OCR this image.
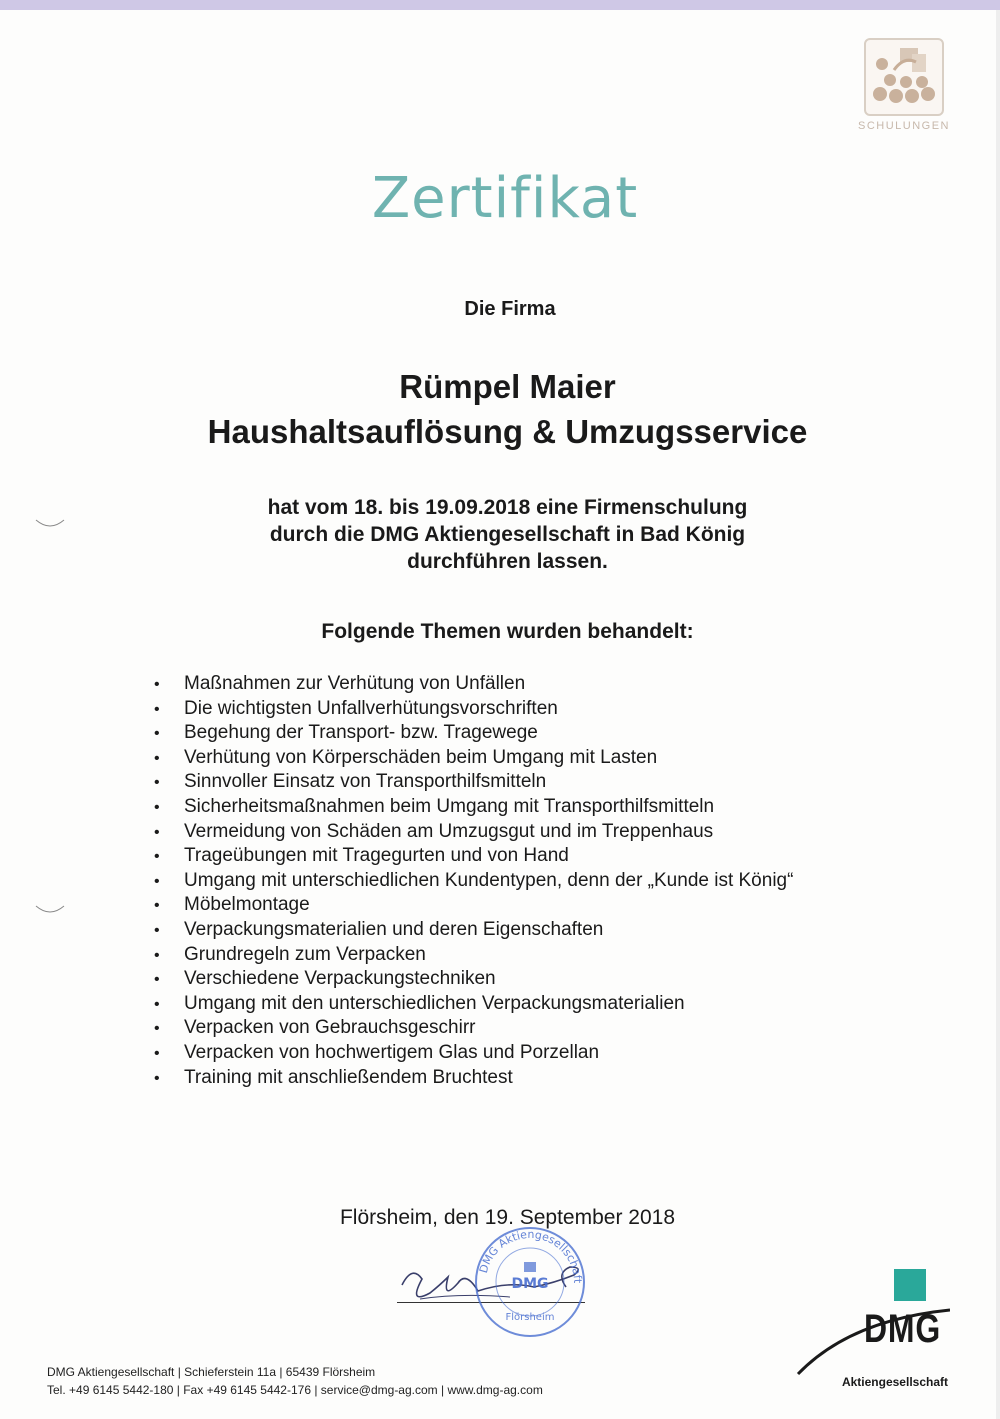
SCHULUNGEN
Zertifikat
Die Firma
Rümpel Maier
Haushaltsauflösung & Umzugsservice
hat vom 18. bis 19.09.2018 eine Firmenschulung
durch die DMG Aktiengesellschaft in Bad König
durchführen lassen.
Folgende Themen wurden behandelt:
• Maßnahmen zur Verhütung von Unfällen
• Die wichtigsten Unfallverhütungsvorschriften
• Begehung der Transport- bzw. Tragewege
• Verhütung von Körperschäden beim Umgang mit Lasten
• Sinnvoller Einsatz von Transporthilfsmitteln
• Sicherheitsmaßnahmen beim Umgang mit Transporthilfsmitteln
• Vermeidung von Schäden am Umzugsgut und im Treppenhaus
• Trageübungen mit Tragegurten und von Hand
• Umgang mit unterschiedlichen Kundentypen, denn der „Kunde ist König“
• Möbelmontage
• Verpackungsmaterialien und deren Eigenschaften
• Grundregeln zum Verpacken
• Verschiedene Verpackungstechniken
• Umgang mit den unterschiedlichen Verpackungsmaterialien
• Verpacken von Gebrauchsgeschirr
• Verpacken von hochwertigem Glas und Porzellan
• Training mit anschließendem Bruchtest
Flörsheim, den 19. September 2018
DMG Aktiengesellschaft
DMG
Flörsheim	DMG
Aktiengesellschaft
DMG Aktiengesellschaft | Schieferstein 11a | 65439 Flörsheim
Tel. +49 6145 5442-180 | Fax +49 6145 5442-176 | service@dmg-ag.com | www.dmg-ag.com
